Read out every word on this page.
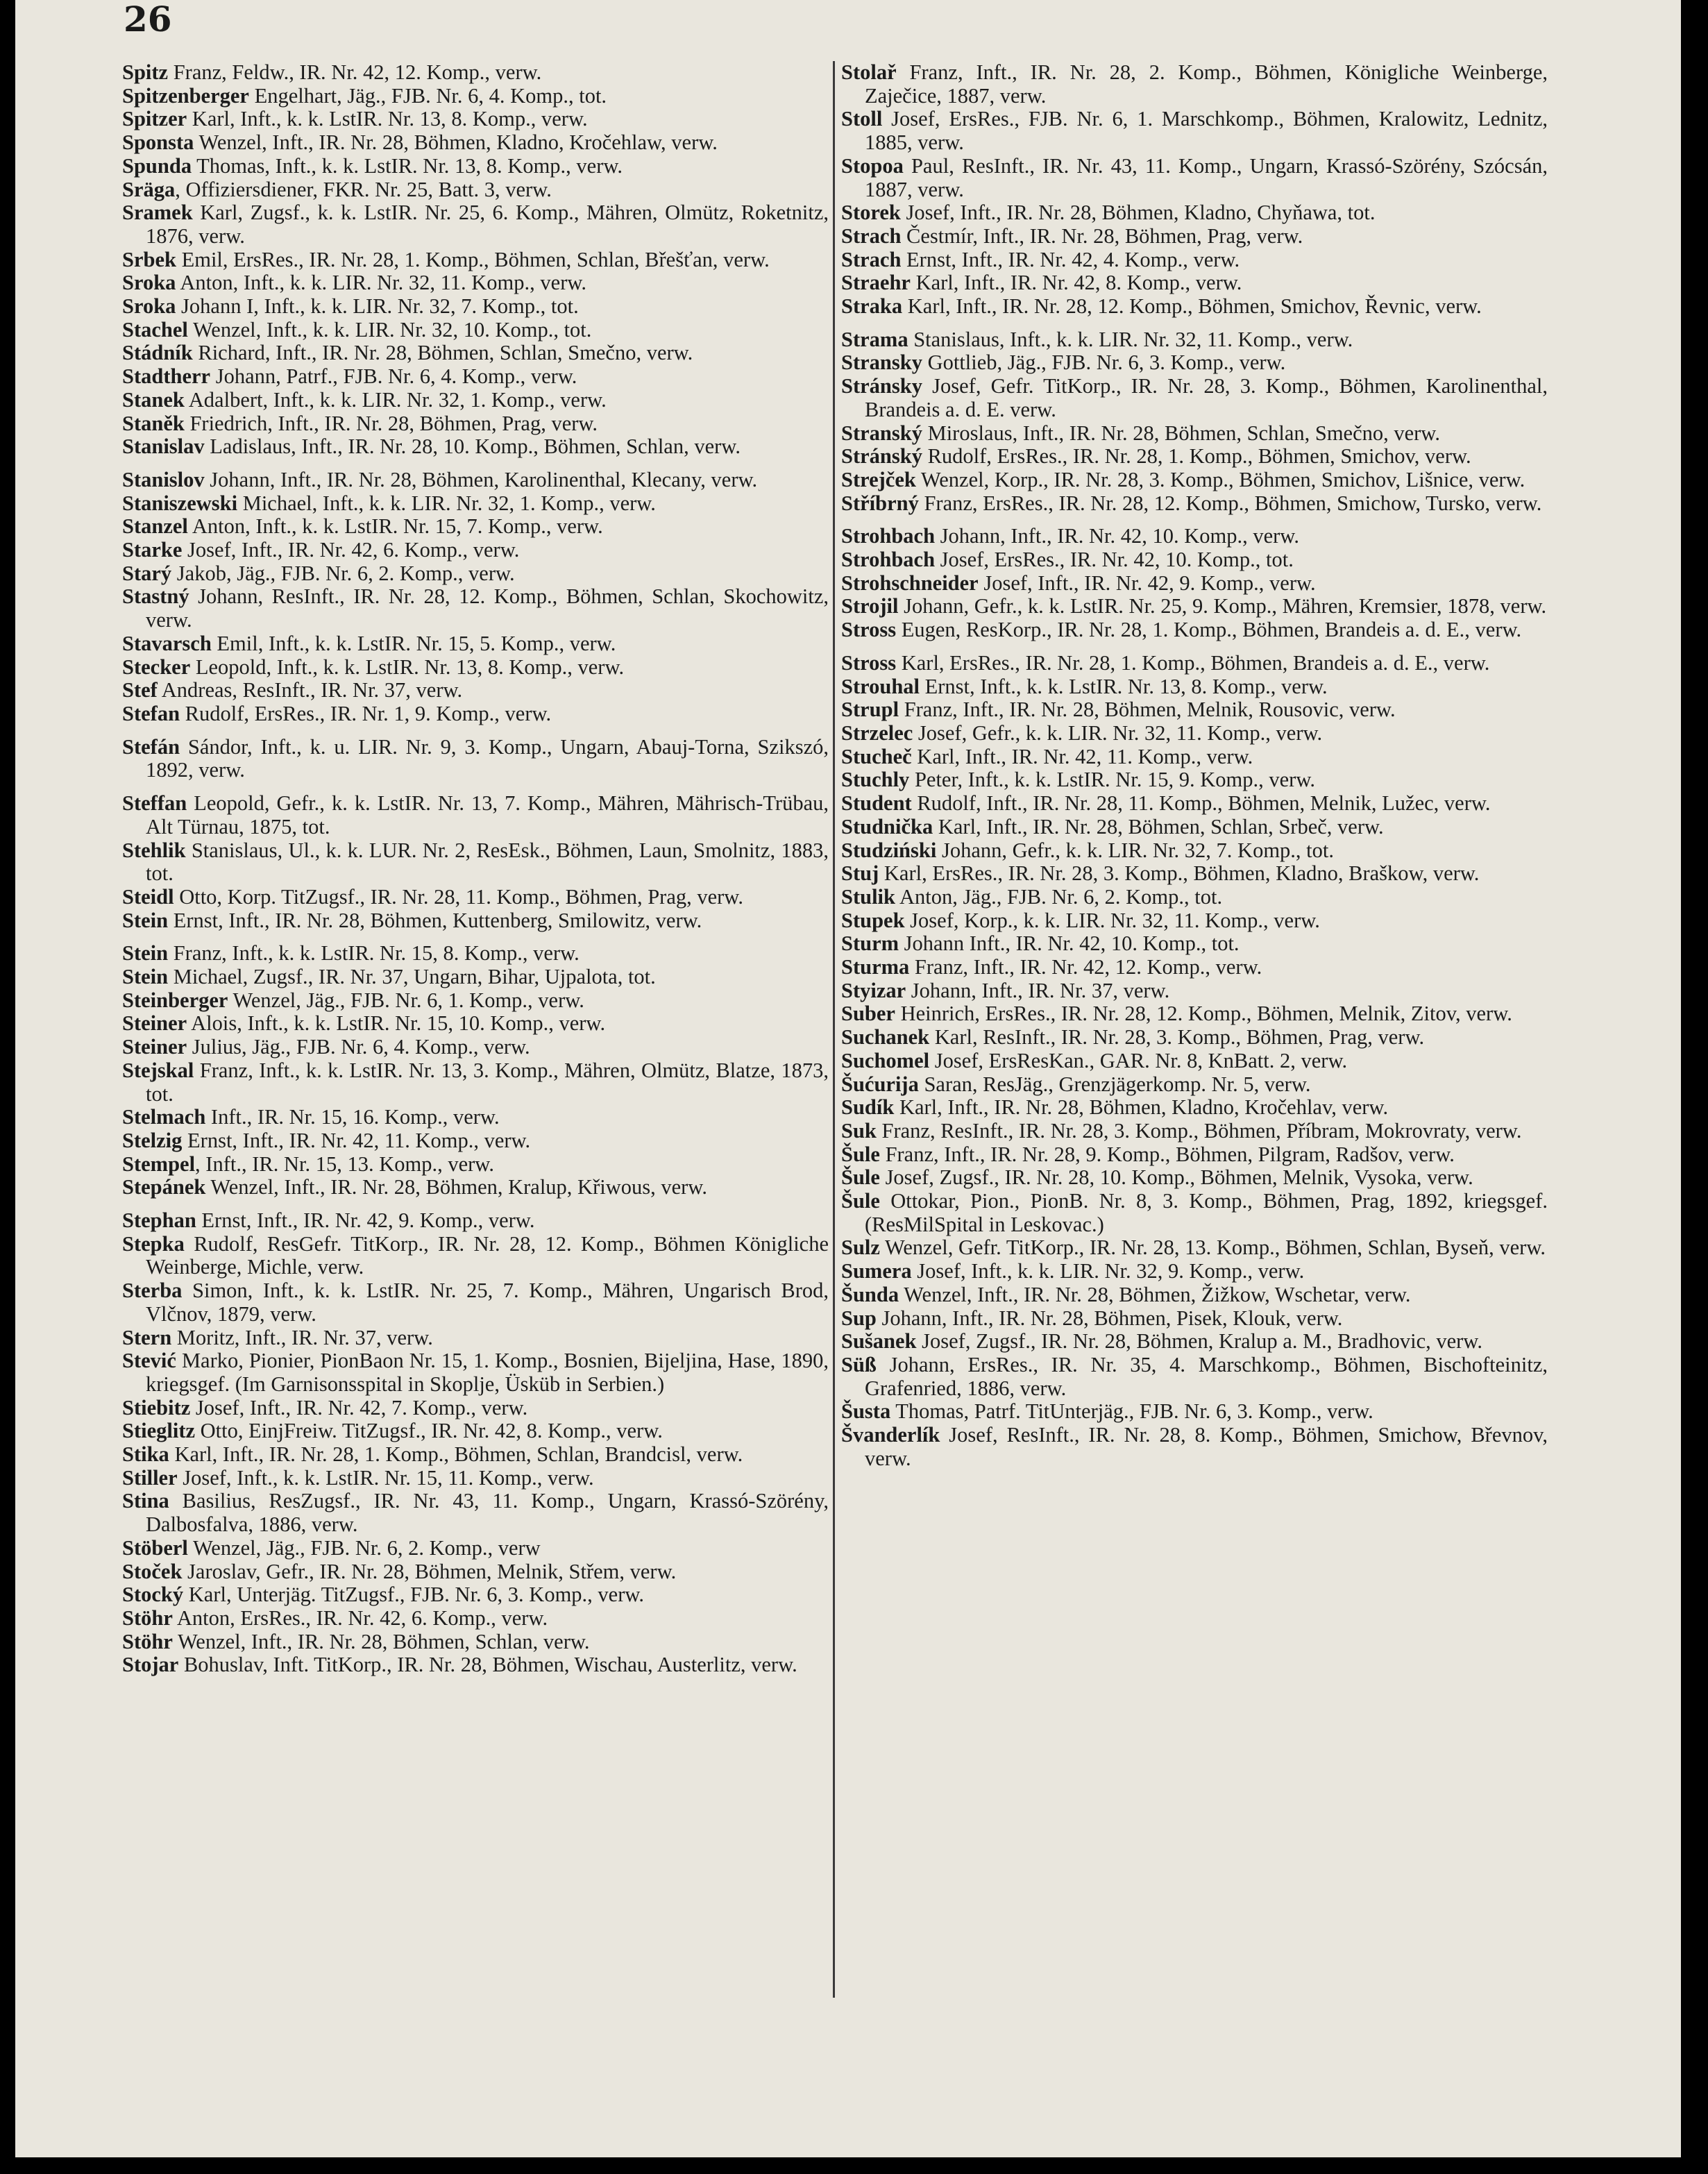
26
Spitz Franz, Feldw., IR. Nr. 42, 12. Komp., verw.
Spitzenberger Engelhart, Jäg., FJB. Nr. 6, 4. Komp., tot.
Spitzer Karl, Inft., k. k. LstIR. Nr. 13, 8. Komp., verw.
Sponsta Wenzel, Inft., IR. Nr. 28, Böhmen, Kladno, Kročehlaw, verw.
Spunda Thomas, Inft., k. k. LstIR. Nr. 13, 8. Komp., verw.
Sräga, Offiziersdiener, FKR. Nr. 25, Batt. 3, verw.
Sramek Karl, Zugsf., k. k. LstIR. Nr. 25, 6. Komp., Mähren, Olmütz, Roketnitz, 1876, verw.
Srbek Emil, ErsRes., IR. Nr. 28, 1. Komp., Böhmen, Schlan, Břešťan, verw.
Sroka Anton, Inft., k. k. LIR. Nr. 32, 11. Komp., verw.
Sroka Johann I, Inft., k. k. LIR. Nr. 32, 7. Komp., tot.
Stachel Wenzel, Inft., k. k. LIR. Nr. 32, 10. Komp., tot.
Stádník Richard, Inft., IR. Nr. 28, Böhmen, Schlan, Smečno, verw.
Stadtherr Johann, Patrf., FJB. Nr. 6, 4. Komp., verw.
Stanek Adalbert, Inft., k. k. LIR. Nr. 32, 1. Komp., verw.
Staněk Friedrich, Inft., IR. Nr. 28, Böhmen, Prag, verw.
Stanislav Ladislaus, Inft., IR. Nr. 28, 10. Komp., Böhmen, Schlan, verw.
Stanislov Johann, Inft., IR. Nr. 28, Böhmen, Karolinenthal, Klecany, verw.
Staniszewski Michael, Inft., k. k. LIR. Nr. 32, 1. Komp., verw.
Stanzel Anton, Inft., k. k. LstIR. Nr. 15, 7. Komp., verw.
Starke Josef, Inft., IR. Nr. 42, 6. Komp., verw.
Starý Jakob, Jäg., FJB. Nr. 6, 2. Komp., verw.
Stastný Johann, ResInft., IR. Nr. 28, 12. Komp., Böhmen, Schlan, Skochowitz, verw.
Stavarsch Emil, Inft., k. k. LstIR. Nr. 15, 5. Komp., verw.
Stecker Leopold, Inft., k. k. LstIR. Nr. 13, 8. Komp., verw.
Stef Andreas, ResInft., IR. Nr. 37, verw.
Stefan Rudolf, ErsRes., IR. Nr. 1, 9. Komp., verw.
Stefán Sándor, Inft., k. u. LIR. Nr. 9, 3. Komp., Ungarn, Abauj-Torna, Szikszó, 1892, verw.
Steffan Leopold, Gefr., k. k. LstIR. Nr. 13, 7. Komp., Mähren, Mährisch-Trübau, Alt Türnau, 1875, tot.
Stehlik Stanislaus, Ul., k. k. LUR. Nr. 2, ResEsk., Böhmen, Laun, Smolnitz, 1883, tot.
Steidl Otto, Korp. TitZugsf., IR. Nr. 28, 11. Komp., Böhmen, Prag, verw.
Stein Ernst, Inft., IR. Nr. 28, Böhmen, Kuttenberg, Smilowitz, verw.
Stein Franz, Inft., k. k. LstIR. Nr. 15, 8. Komp., verw.
Stein Michael, Zugsf., IR. Nr. 37, Ungarn, Bihar, Ujpalota, tot.
Steinberger Wenzel, Jäg., FJB. Nr. 6, 1. Komp., verw.
Steiner Alois, Inft., k. k. LstIR. Nr. 15, 10. Komp., verw.
Steiner Julius, Jäg., FJB. Nr. 6, 4. Komp., verw.
Stejskal Franz, Inft., k. k. LstIR. Nr. 13, 3. Komp., Mähren, Olmütz, Blatze, 1873, tot.
Stelmach Inft., IR. Nr. 15, 16. Komp., verw.
Stelzig Ernst, Inft., IR. Nr. 42, 11. Komp., verw.
Stempel, Inft., IR. Nr. 15, 13. Komp., verw.
Stepánek Wenzel, Inft., IR. Nr. 28, Böhmen, Kralup, Křiwous, verw.
Stephan Ernst, Inft., IR. Nr. 42, 9. Komp., verw.
Stepka Rudolf, ResGefr. TitKorp., IR. Nr. 28, 12. Komp., Böhmen Königliche Weinberge, Michle, verw.
Sterba Simon, Inft., k. k. LstIR. Nr. 25, 7. Komp., Mähren, Ungarisch Brod, Vlčnov, 1879, verw.
Stern Moritz, Inft., IR. Nr. 37, verw.
Stević Marko, Pionier, PionBaon Nr. 15, 1. Komp., Bosnien, Bijeljina, Hase, 1890, kriegsgef. (Im Garnisonsspital in Skoplje, Üsküb in Serbien.)
Stiebitz Josef, Inft., IR. Nr. 42, 7. Komp., verw.
Stieglitz Otto, EinjFreiw. TitZugsf., IR. Nr. 42, 8. Komp., verw.
Stika Karl, Inft., IR. Nr. 28, 1. Komp., Böhmen, Schlan, Brandcisl, verw.
Stiller Josef, Inft., k. k. LstIR. Nr. 15, 11. Komp., verw.
Stina Basilius, ResZugsf., IR. Nr. 43, 11. Komp., Ungarn, Krassó-Szörény, Dalbosfalva, 1886, verw.
Stöberl Wenzel, Jäg., FJB. Nr. 6, 2. Komp., verw
Stoček Jaroslav, Gefr., IR. Nr. 28, Böhmen, Melnik, Střem, verw.
Stocký Karl, Unterjäg. TitZugsf., FJB. Nr. 6, 3. Komp., verw.
Stöhr Anton, ErsRes., IR. Nr. 42, 6. Komp., verw.
Stöhr Wenzel, Inft., IR. Nr. 28, Böhmen, Schlan, verw.
Stojar Bohuslav, Inft. TitKorp., IR. Nr. 28, Böhmen, Wischau, Austerlitz, verw.
Stolař Franz, Inft., IR. Nr. 28, 2. Komp., Böhmen, Königliche Weinberge, Zaječice, 1887, verw.
Stoll Josef, ErsRes., FJB. Nr. 6, 1. Marschkomp., Böhmen, Kralowitz, Lednitz, 1885, verw.
Stopoa Paul, ResInft., IR. Nr. 43, 11. Komp., Ungarn, Krassó-Szörény, Szócsán, 1887, verw.
Storek Josef, Inft., IR. Nr. 28, Böhmen, Kladno, Chyňawa, tot.
Strach Čestmír, Inft., IR. Nr. 28, Böhmen, Prag, verw.
Strach Ernst, Inft., IR. Nr. 42, 4. Komp., verw.
Straehr Karl, Inft., IR. Nr. 42, 8. Komp., verw.
Straka Karl, Inft., IR. Nr. 28, 12. Komp., Böhmen, Smichov, Řevnic, verw.
Strama Stanislaus, Inft., k. k. LIR. Nr. 32, 11. Komp., verw.
Stransky Gottlieb, Jäg., FJB. Nr. 6, 3. Komp., verw.
Stránsky Josef, Gefr. TitKorp., IR. Nr. 28, 3. Komp., Böhmen, Karolinenthal, Brandeis a. d. E. verw.
Stranský Miroslaus, Inft., IR. Nr. 28, Böhmen, Schlan, Smečno, verw.
Stránský Rudolf, ErsRes., IR. Nr. 28, 1. Komp., Böhmen, Smichov, verw.
Strejček Wenzel, Korp., IR. Nr. 28, 3. Komp., Böhmen, Smichov, Lišnice, verw.
Stříbrný Franz, ErsRes., IR. Nr. 28, 12. Komp., Böhmen, Smichow, Tursko, verw.
Strohbach Johann, Inft., IR. Nr. 42, 10. Komp., verw.
Strohbach Josef, ErsRes., IR. Nr. 42, 10. Komp., tot.
Strohschneider Josef, Inft., IR. Nr. 42, 9. Komp., verw.
Strojil Johann, Gefr., k. k. LstIR. Nr. 25, 9. Komp., Mähren, Kremsier, 1878, verw.
Stross Eugen, ResKorp., IR. Nr. 28, 1. Komp., Böhmen, Brandeis a. d. E., verw.
Stross Karl, ErsRes., IR. Nr. 28, 1. Komp., Böhmen, Brandeis a. d. E., verw.
Strouhal Ernst, Inft., k. k. LstIR. Nr. 13, 8. Komp., verw.
Strupl Franz, Inft., IR. Nr. 28, Böhmen, Melnik, Rousovic, verw.
Strzelec Josef, Gefr., k. k. LIR. Nr. 32, 11. Komp., verw.
Stucheč Karl, Inft., IR. Nr. 42, 11. Komp., verw.
Stuchly Peter, Inft., k. k. LstIR. Nr. 15, 9. Komp., verw.
Student Rudolf, Inft., IR. Nr. 28, 11. Komp., Böhmen, Melnik, Lužec, verw.
Studnička Karl, Inft., IR. Nr. 28, Böhmen, Schlan, Srbeč, verw.
Studziński Johann, Gefr., k. k. LIR. Nr. 32, 7. Komp., tot.
Stuj Karl, ErsRes., IR. Nr. 28, 3. Komp., Böhmen, Kladno, Braškow, verw.
Stulik Anton, Jäg., FJB. Nr. 6, 2. Komp., tot.
Stupek Josef, Korp., k. k. LIR. Nr. 32, 11. Komp., verw.
Sturm Johann Inft., IR. Nr. 42, 10. Komp., tot.
Sturma Franz, Inft., IR. Nr. 42, 12. Komp., verw.
Styizar Johann, Inft., IR. Nr. 37, verw.
Suber Heinrich, ErsRes., IR. Nr. 28, 12. Komp., Böhmen, Melnik, Zitov, verw.
Suchanek Karl, ResInft., IR. Nr. 28, 3. Komp., Böhmen, Prag, verw.
Suchomel Josef, ErsResKan., GAR. Nr. 8, KnBatt. 2, verw.
Šućurija Saran, ResJäg., Grenzjägerkomp. Nr. 5, verw.
Sudík Karl, Inft., IR. Nr. 28, Böhmen, Kladno, Kročehlav, verw.
Suk Franz, ResInft., IR. Nr. 28, 3. Komp., Böhmen, Příbram, Mokrovraty, verw.
Šule Franz, Inft., IR. Nr. 28, 9. Komp., Böhmen, Pilgram, Radšov, verw.
Šule Josef, Zugsf., IR. Nr. 28, 10. Komp., Böhmen, Melnik, Vysoka, verw.
Šule Ottokar, Pion., PionB. Nr. 8, 3. Komp., Böhmen, Prag, 1892, kriegsgef. (ResMilSpital in Leskovac.)
Sulz Wenzel, Gefr. TitKorp., IR. Nr. 28, 13. Komp., Böhmen, Schlan, Byseň, verw.
Sumera Josef, Inft., k. k. LIR. Nr. 32, 9. Komp., verw.
Šunda Wenzel, Inft., IR. Nr. 28, Böhmen, Žižkow, Wschetar, verw.
Sup Johann, Inft., IR. Nr. 28, Böhmen, Pisek, Klouk, verw.
Sušanek Josef, Zugsf., IR. Nr. 28, Böhmen, Kralup a. M., Bradhovic, verw.
Süß Johann, ErsRes., IR. Nr. 35, 4. Marschkomp., Böhmen, Bischofteinitz, Grafenried, 1886, verw.
Šusta Thomas, Patrf. TitUnterjäg., FJB. Nr. 6, 3. Komp., verw.
Švanderlík Josef, ResInft., IR. Nr. 28, 8. Komp., Böhmen, Smichow, Břevnov, verw.
